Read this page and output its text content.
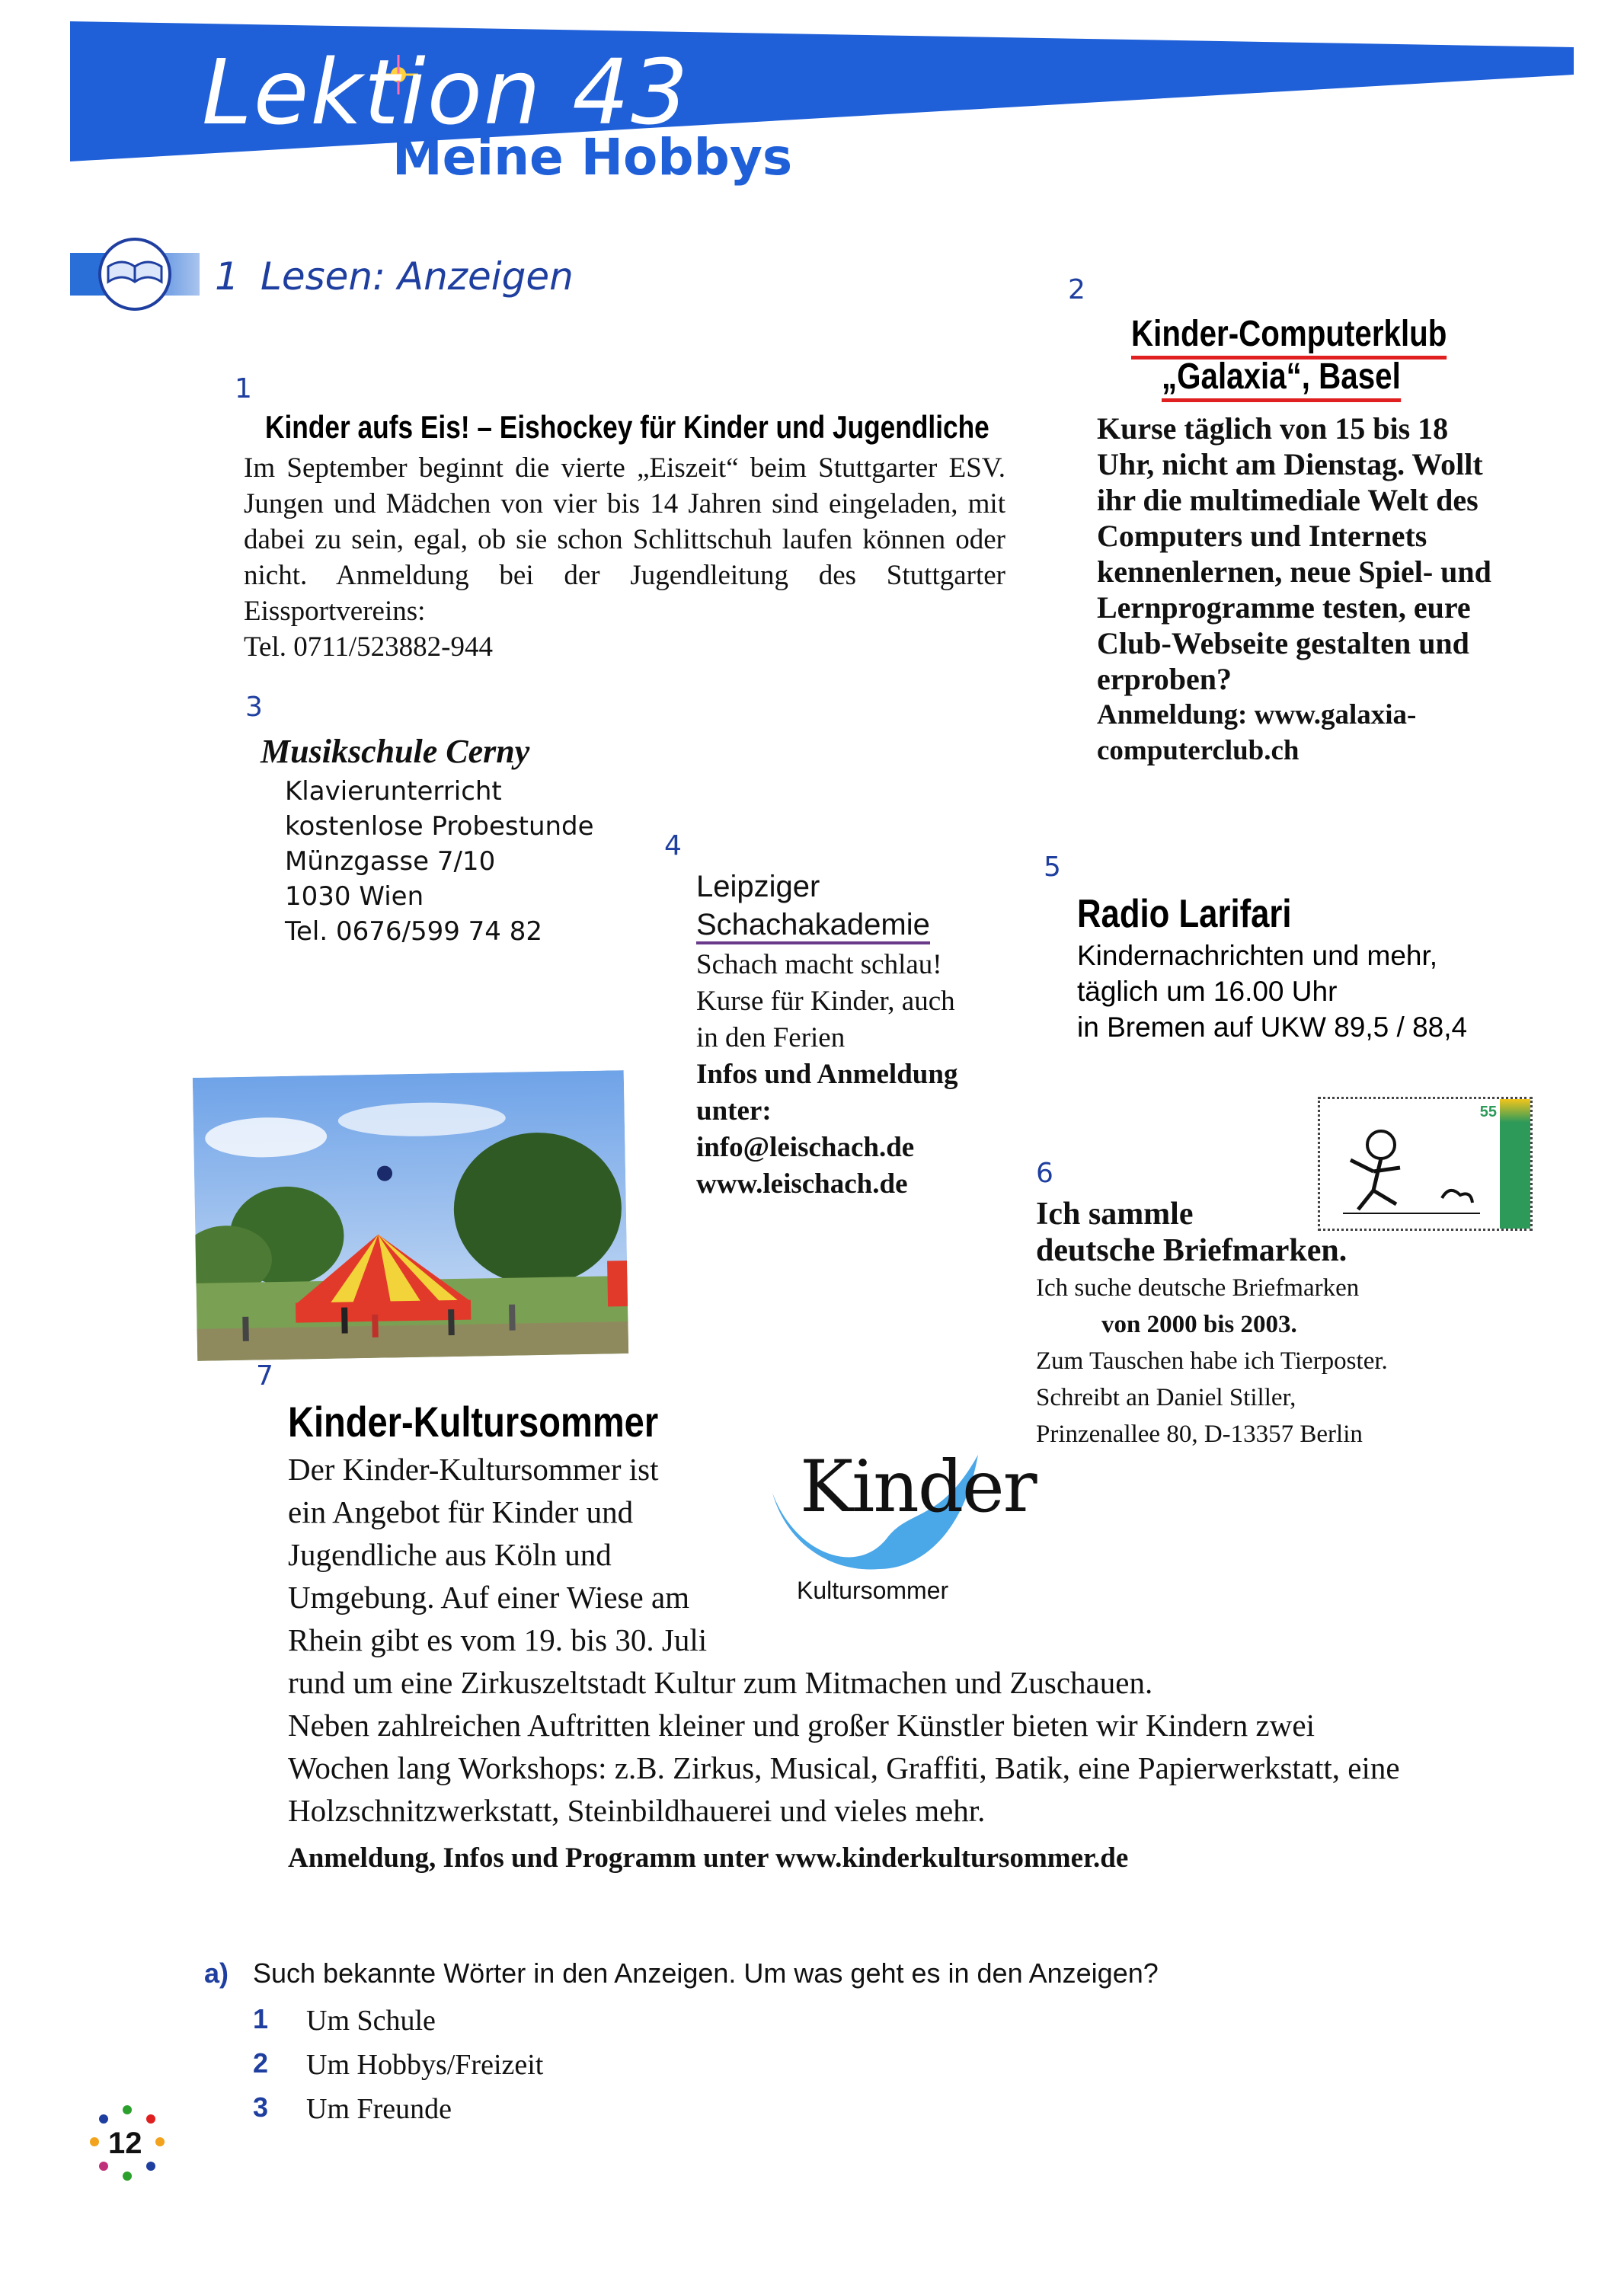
Lektion 43
Meine Hobbys
1 Lesen: Anzeigen
1
Kinder aufs Eis! – Eishockey für Kinder und Jugendliche

Im September beginnt die vierte „Eiszeit“ beim Stuttgarter ESV. Jungen und Mädchen von vier bis 14 Jahren sind eingeladen, mit dabei zu sein, egal, ob sie schon Schlittschuh laufen können oder nicht. Anmeldung bei der Jugendleitung des Stuttgarter Eissportvereins:

Tel. 0711/523882-944

2
Kinder-Computerklub
„Galaxia“, Basel
Kurse täglich von 15 bis 18 Uhr, nicht am Dienstag. Wollt ihr die multimediale Welt des Computers und Internets kennenlernen, neue Spiel- und Lernprogramme testen, eure Club-Webseite gestalten und erproben?
Anmeldung: www.galaxia-computerclub.ch
3
Musikschule Cerny
Klavierunterricht
kostenlose Probestunde
Münzgasse 7/10
1030 Wien
Tel. 0676/599 74 82
4
Leipziger
Schachakademie
Schach macht schlau!
Kurse für Kinder, auch
in den Ferien
Infos und Anmeldung
unter:
info@leischach.de
www.leischach.de
5
Radio Larifari
Kindernachrichten und mehr,
täglich um 16.00 Uhr
in Bremen auf UKW 89,5 / 88,4
6
Ich sammle
deutsche Briefmarken.
Ich suche deutsche Briefmarken
von 2000 bis 2003.
Zum Tauschen habe ich Tierposter.
Schreibt an Daniel Stiller,
Prinzenallee 80, D-13357 Berlin
55
7
Kinder-Kultursommer
Der Kinder-Kultursommer ist
ein Angebot für Kinder und
Jugendliche aus Köln und
Umgebung. Auf einer Wiese am
Rhein gibt es vom 19. bis 30. Juli
rund um eine Zirkuszeltstadt Kultur zum Mitmachen und Zuschauen.
Neben zahlreichen Auftritten kleiner und großer Künstler bieten wir Kindern zwei
Wochen lang Workshops: z.B. Zirkus, Musical, Graffiti, Batik, eine Papierwerkstatt, eine
Holzschnitzwerkstatt, Steinbildhauerei und vieles mehr.
Anmeldung, Infos und Programm unter www.kinderkultursommer.de
Kinder
Kultursommer
a) Such bekannte Wörter in den Anzeigen. Um was geht es in den Anzeigen?
1 Um Schule
2 Um Hobbys/Freizeit
3 Um Freunde
12
